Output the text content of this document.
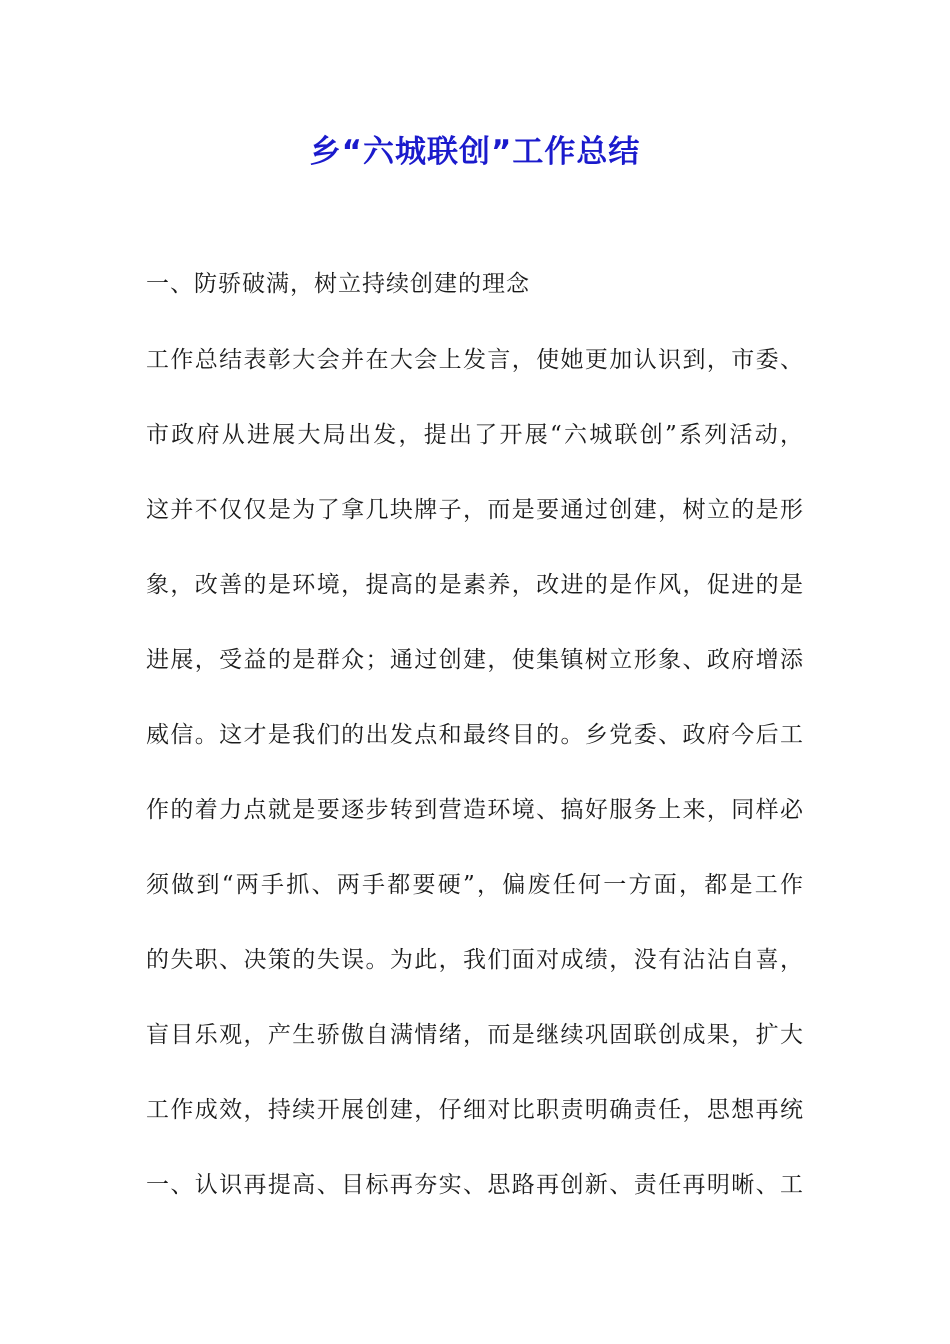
乡“六城联创”工作总结

一、防骄破满，树立持续创建的理念

工作总结表彰大会并在大会上发言，使她更加认识到，市委、
市政府从进展大局出发，提出了开展“六城联创”系列活动，
这并不仅仅是为了拿几块牌子，而是要通过创建，树立的是形
象，改善的是环境，提高的是素养，改进的是作风，促进的是
进展，受益的是群众；通过创建，使集镇树立形象、政府增添
威信。这才是我们的出发点和最终目的。乡党委、政府今后工
作的着力点就是要逐步转到营造环境、搞好服务上来，同样必
须做到“两手抓、两手都要硬”，偏废任何一方面，都是工作
的失职、决策的失误。为此，我们面对成绩，没有沾沾自喜，
盲目乐观，产生骄傲自满情绪，而是继续巩固联创成果，扩大
工作成效，持续开展创建，仔细对比职责明确责任，思想再统
一、认识再提高、目标再夯实、思路再创新、责任再明晰、工
